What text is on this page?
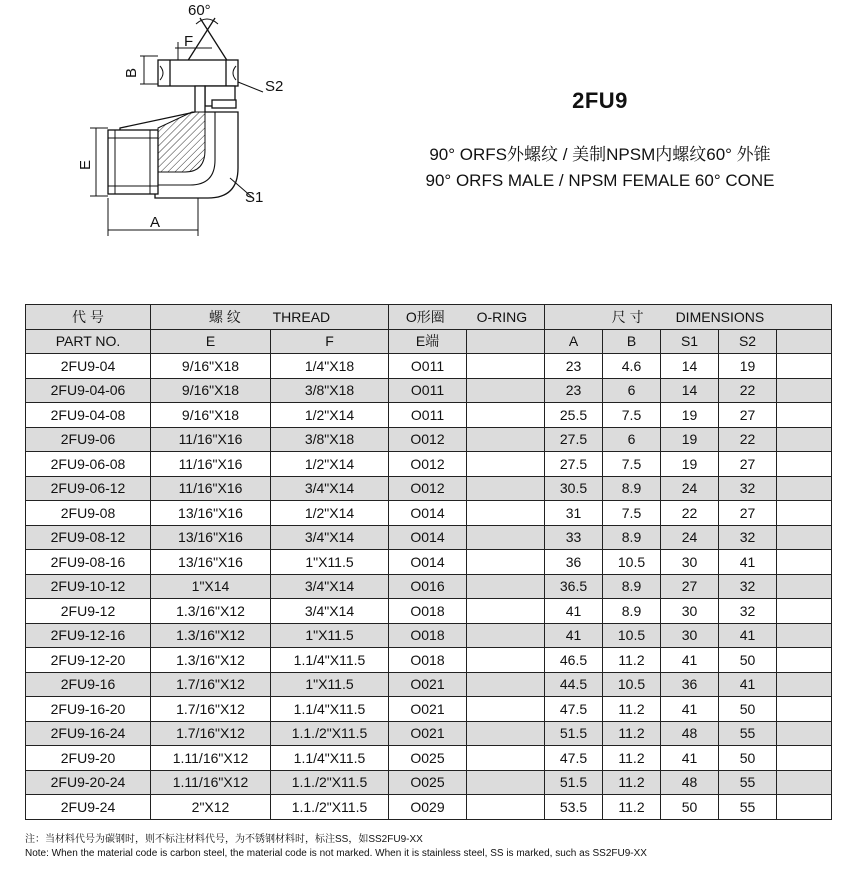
60°
F
B
S2
E
S1
A
2FU9
90° ORFS外螺纹 / 美制NPSM内螺纹60° 外锥
90° ORFS MALE / NPSM FEMALE 60° CONE
代 号	螺 纹 THREAD		O形圈 O-RING		尺 寸 DIMENSIONS				
PART NO.	E	F	E端		A	B	S1	S2	
2FU9-04	9/16"X18	1/4"X18	O011		23	4.6	14	19	
2FU9-04-06	9/16"X18	3/8"X18	O011		23	6	14	22	
2FU9-04-08	9/16"X18	1/2"X14	O011		25.5	7.5	19	27	
2FU9-06	11/16"X16	3/8"X18	O012		27.5	6	19	22	
2FU9-06-08	11/16"X16	1/2"X14	O012		27.5	7.5	19	27	
2FU9-06-12	11/16"X16	3/4"X14	O012		30.5	8.9	24	32	
2FU9-08	13/16"X16	1/2"X14	O014		31	7.5	22	27	
2FU9-08-12	13/16"X16	3/4"X14	O014		33	8.9	24	32	
2FU9-08-16	13/16"X16	1"X11.5	O014		36	10.5	30	41	
2FU9-10-12	1"X14	3/4"X14	O016		36.5	8.9	27	32	
2FU9-12	1.3/16"X12	3/4"X14	O018		41	8.9	30	32	
2FU9-12-16	1.3/16"X12	1"X11.5	O018		41	10.5	30	41	
2FU9-12-20	1.3/16"X12	1.1/4"X11.5	O018		46.5	11.2	41	50	
2FU9-16	1.7/16"X12	1"X11.5	O021		44.5	10.5	36	41	
2FU9-16-20	1.7/16"X12	1.1/4"X11.5	O021		47.5	11.2	41	50	
2FU9-16-24	1.7/16"X12	1.1./2"X11.5	O021		51.5	11.2	48	55	
2FU9-20	1.11/16"X12	1.1/4"X11.5	O025		47.5	11.2	41	50	
2FU9-20-24	1.11/16"X12	1.1./2"X11.5	O025		51.5	11.2	48	55	
2FU9-24	2"X12	1.1./2"X11.5	O029		53.5	11.2	50	55	
注：当材料代号为碳钢时，则不标注材料代号，为不锈钢材料时，标注SS，如SS2FU9-XX
Note: When the material code is carbon steel, the material code is not marked. When it is stainless steel, SS is marked, such as SS2FU9-XX
